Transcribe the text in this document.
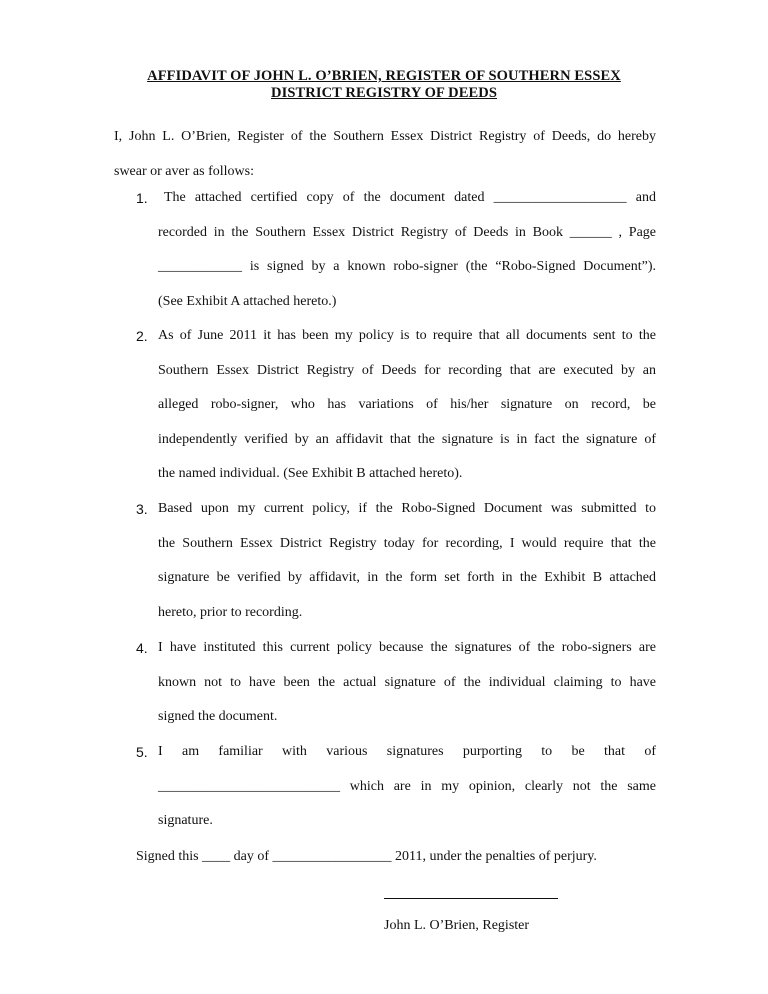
AFFIDAVIT OF JOHN L. O’BRIEN, REGISTER OF SOUTHERN ESSEX
DISTRICT REGISTRY OF DEEDS
I, John L. O’Brien, Register of the Southern Essex District Registry of Deeds, do hereby
swear or aver as follows:
1.	The attached certified copy of the document dated ___________________ and
recorded in the Southern Essex District Registry of Deeds in Book ______ , Page
____________ is signed by a known robo-signer (the “Robo-Signed Document”).
(See Exhibit A attached hereto.)
2. As of June 2011 it has been my policy is to require that all documents sent to the
Southern Essex District Registry of Deeds for recording that are executed by an
alleged robo-signer, who has variations of his/her signature on record, be
independently verified by an affidavit that the signature is in fact the signature of
the named individual. (See Exhibit B attached hereto).
3. Based upon my current policy, if the Robo-Signed Document was submitted to
the Southern Essex District Registry today for recording, I would require that the
signature be verified by affidavit, in the form set forth in the Exhibit B attached
hereto, prior to recording.
4. I have instituted this current policy because the signatures of the robo-signers are
known not to have been the actual signature of the individual claiming to have
signed the document.
5. I am familiar with various signatures purporting to be that of
__________________________ which are in my opinion, clearly not the same
signature.
Signed this ____ day of _________________ 2011, under the penalties of perjury.
John L. O’Brien, Register
